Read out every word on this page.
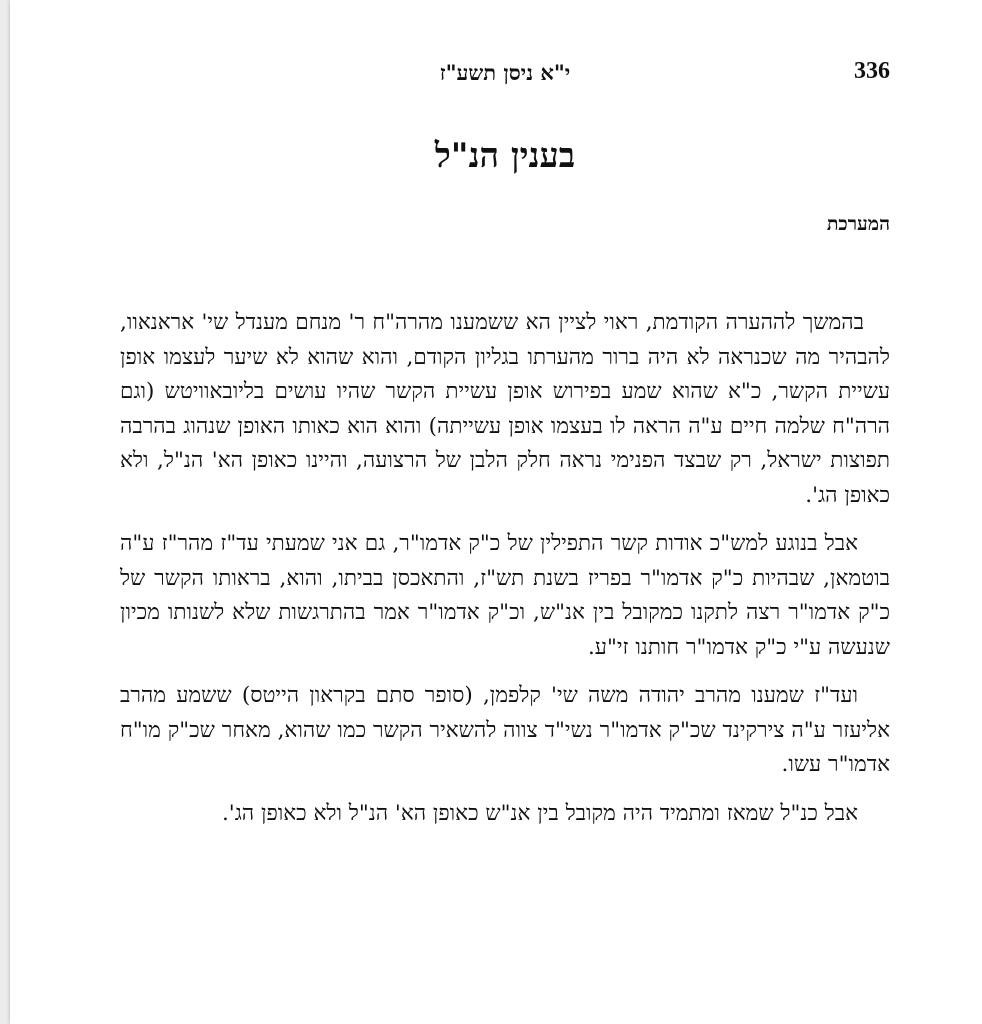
336
י"א ניסן תשע"ז
בענין הנ"ל
המערכת

בהמשך לההערה הקודמת, ראוי לציין הא ששמענו מהרה"ח ר' מנחם מענדל שי' אראנאוו, להבהיר מה שכנראה לא היה ברור מהערתו בגליון הקודם, והוא שהוא לא שיער לעצמו אופן עשיית הקשר, כ"א שהוא שמע בפירוש אופן עשיית הקשר שהיו עושים בליובאוויטש (וגם הרה"ח שלמה חיים ע"ה הראה לו בעצמו אופן עשייתה) והוא הוא כאותו האופן שנהוג בהרבה תפוצות ישראל, רק שבצד הפנימי נראה חלק הלבן של הרצועה, והיינו כאופן הא' הנ"ל, ולא כאופן הג'.

אבל בנוגע למש"כ אודות קשר התפילין של כ"ק אדמו"ר, גם אני שמעתי עד"ז מהר"ז ע"ה בוטמאן, שבהיות כ"ק אדמו"ר בפריז בשנת תש"ז, והתאכסן בביתו, והוא, בראותו הקשר של כ"ק אדמו"ר רצה לתקנו כמקובל בין אנ"ש, וכ"ק אדמו"ר אמר בהתרגשות שלא לשנותו מכיון שנעשה ע"י כ"ק אדמו"ר חותנו זי"ע.

ועד"ז שמענו מהרב יהודה משה שי' קלפמן, (סופר סתם בקראון הייטס) ששמע מהרב אליעזר ע"ה צירקינד שכ"ק אדמו"ר נשי"ד צווה להשאיר הקשר כמו שהוא, מאחר שכ"ק מו"ח אדמו"ר עשו.

אבל כנ"ל שמאז ומתמיד היה מקובל בין אנ"ש כאופן הא' הנ"ל ולא כאופן הג'.
